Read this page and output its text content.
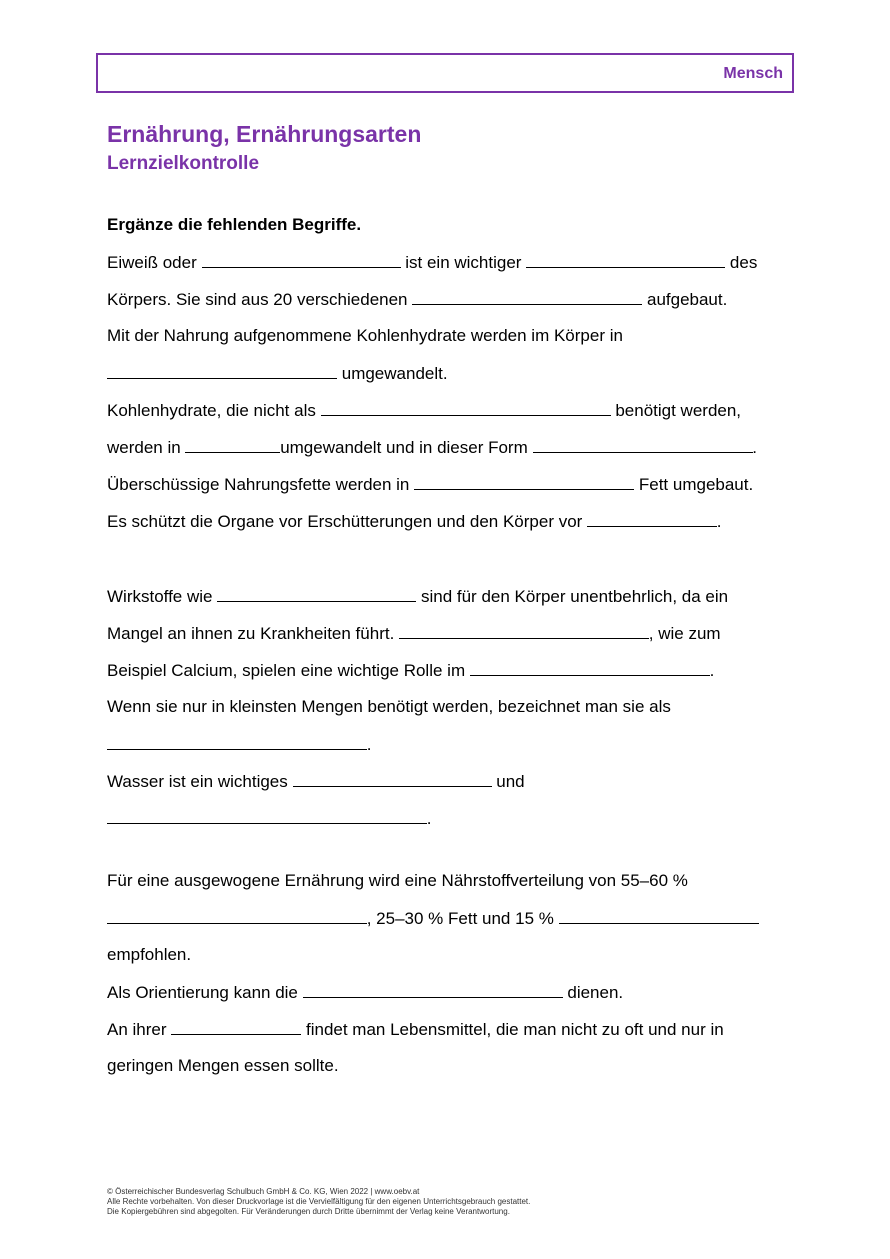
Mensch
Ernährung, Ernährungsarten
Lernzielkontrolle
Ergänze die fehlenden Begriffe.
Eiweiß oder	ist ein wichtiger	des
Körpers. Sie sind aus 20 verschiedenen	aufgebaut.
Mit der Nahrung aufgenommene Kohlenhydrate werden im Körper in
umgewandelt.
Kohlenhydrate, die nicht als	benötigt werden,
werden in	umgewandelt und in dieser Form	.
Überschüssige Nahrungsfette werden in	Fett umgebaut.
Es schützt die Organe vor Erschütterungen und den Körper vor	.
Wirkstoffe wie	sind für den Körper unentbehrlich, da ein
Mangel an ihnen zu Krankheiten führt.	, wie zum
Beispiel Calcium, spielen eine wichtige Rolle im	.
Wenn sie nur in kleinsten Mengen benötigt werden, bezeichnet man sie als
.
Wasser ist ein wichtiges	und
.
Für eine ausgewogene Ernährung wird eine Nährstoffverteilung von 55–60 %
, 25–30 % Fett und 15 %
empfohlen.
Als Orientierung kann die	dienen.
An ihrer	findet man Lebensmittel, die man nicht zu oft und nur in
geringen Mengen essen sollte.
© Österreichischer Bundesverlag Schulbuch GmbH & Co. KG, Wien 2022 | www.oebv.at
Alle Rechte vorbehalten. Von dieser Druckvorlage ist die Vervielfältigung für den eigenen Unterrichtsgebrauch gestattet.
Die Kopiergebühren sind abgegolten. Für Veränderungen durch Dritte übernimmt der Verlag keine Verantwortung.
